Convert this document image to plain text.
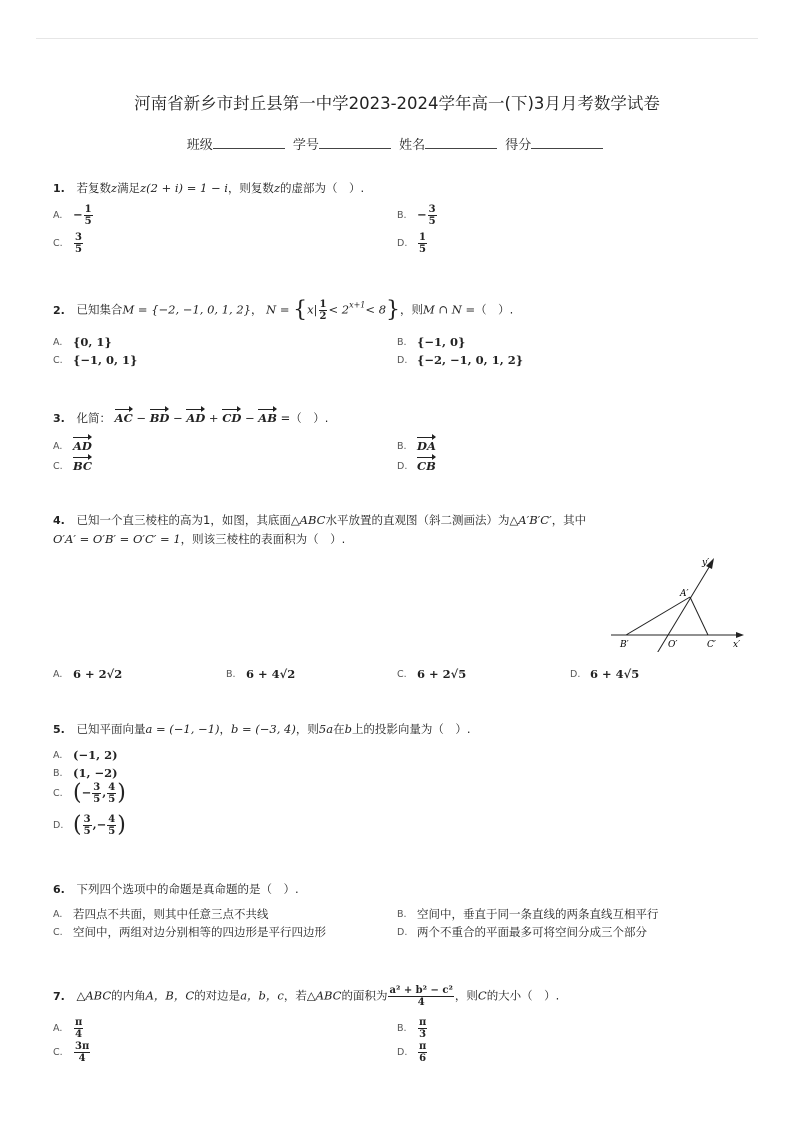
河南省新乡市封丘县第一中学2023-2024学年高一(下)3月月考数学试卷
班级	学号	姓名	得分
1. 若复数z满足z(2 + i) = 1 − i，则复数z的虚部为（　）.
A. − $\frac{1}{5}$	B. − $\frac{3}{5}$
C. $\frac{3}{5}$	D. $\frac{1}{5}$
2. 已知集合M = {−2, −1, 0, 1, 2}， $N = \{x| \frac{1}{2} < 2^{x+1}< 8\}$，则M ∩ N =（　）.
A. {0, 1}	B. {−1, 0}
C. {−1, 0, 1}	D. {−2, −1, 0, 1, 2}
3. 化简： AC − BD − AD + CD − AB =（　）.
A. AD	B. DA
C. BC	D. CB
4. 已知一个直三棱柱的高为1，如图，其底面△ABC水平放置的直观图（斜二测画法）为△A′B′C′，其中
O′A′ = O′B′ = O′C′ = 1，则该三棱柱的表面积为（　）.
y′
x′
A′
B′	O′	C′
A. 6 + 2√2	B. 6 + 4√2	C. 6 + 2√5	D. 6 + 4√5
5. 已知平面向量a = (−1, −1)，b = (−3, 4)，则5a在b上的投影向量为（　）.
A. (−1, 2)
B. (1, −2)
C. (− $\frac{3}{5}$ , $\frac{4}{5}$ )
D. ( $\frac{3}{5}$ ,− $\frac{4}{5}$ )
6. 下列四个选项中的命题是真命题的是（　）.
A. 若四点不共面，则其中任意三点不共线	B. 空间中，垂直于同一条直线的两条直线互相平行
C. 空间中，两组对边分别相等的四边形是平行四边形	D. 两个不重合的平面最多可将空间分成三个部分
7. △ABC的内角A，B，C的对边是a，b，c，若△ABC的面积为 $\frac{\text{a² + b² − c²}}{4}$ ，则C的大小（　）.
A. $\frac{\pi}{4}$	B. $\frac{\pi}{3}$
C. $\frac{3\pi}{4}$	D. $\frac{\pi}{6}$
